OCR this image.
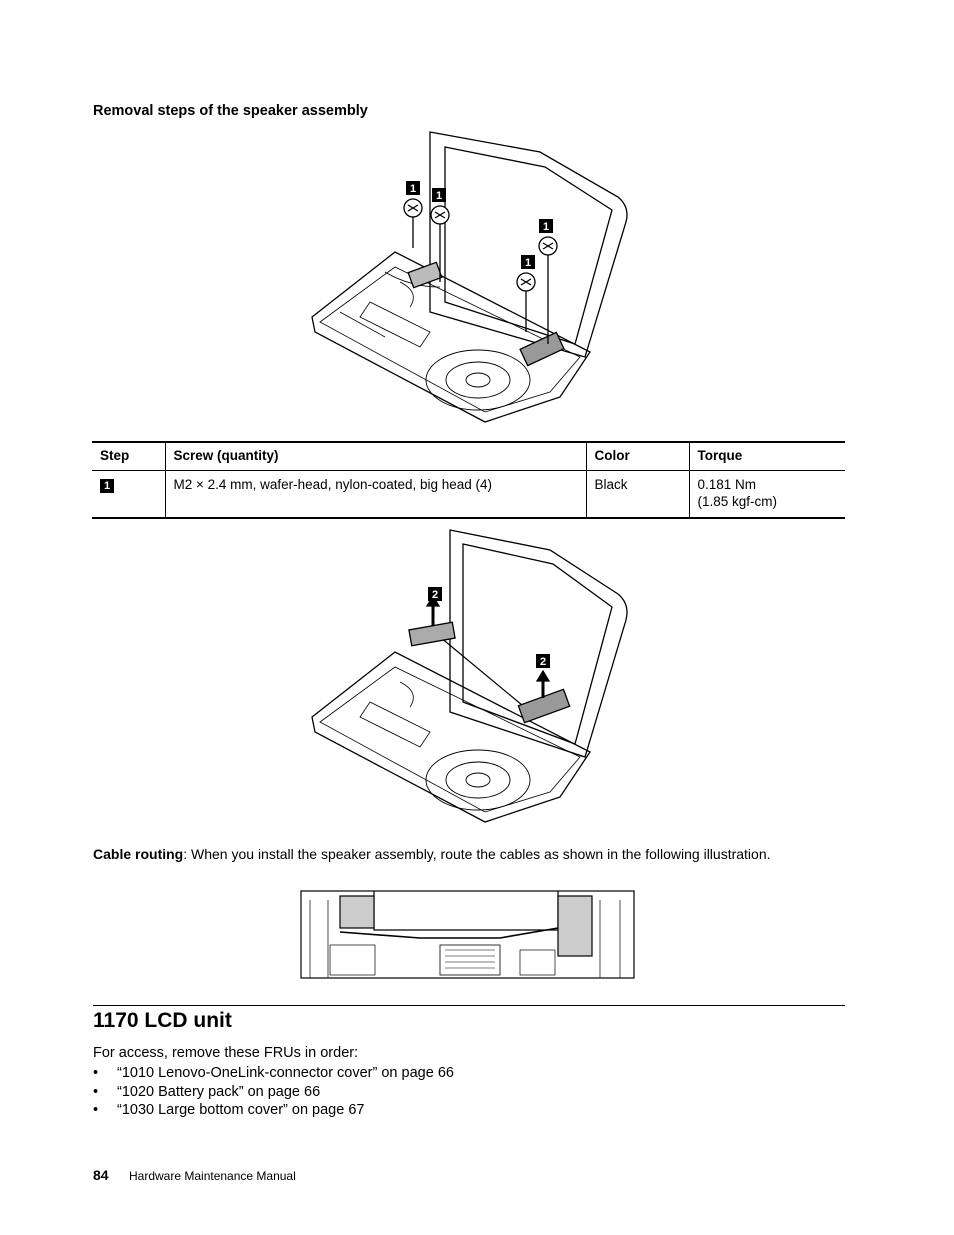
Removal steps of the speaker assembly
1
1
1
1
Step	Screw (quantity)	Color	Torque
1	M2 × 2.4 mm, wafer-head, nylon-coated, big head (4)	Black	0.181 Nm
(1.85 kgf-cm)
2
2
Cable routing: When you install the speaker assembly, route the cables as shown in the following illustration.
1170 LCD unit
For access, remove these FRUs in order:
• “1010 Lenovo-OneLink-connector cover” on page 66
• “1020 Battery pack” on page 66
• “1030 Large bottom cover” on page 67
84 Hardware Maintenance Manual
